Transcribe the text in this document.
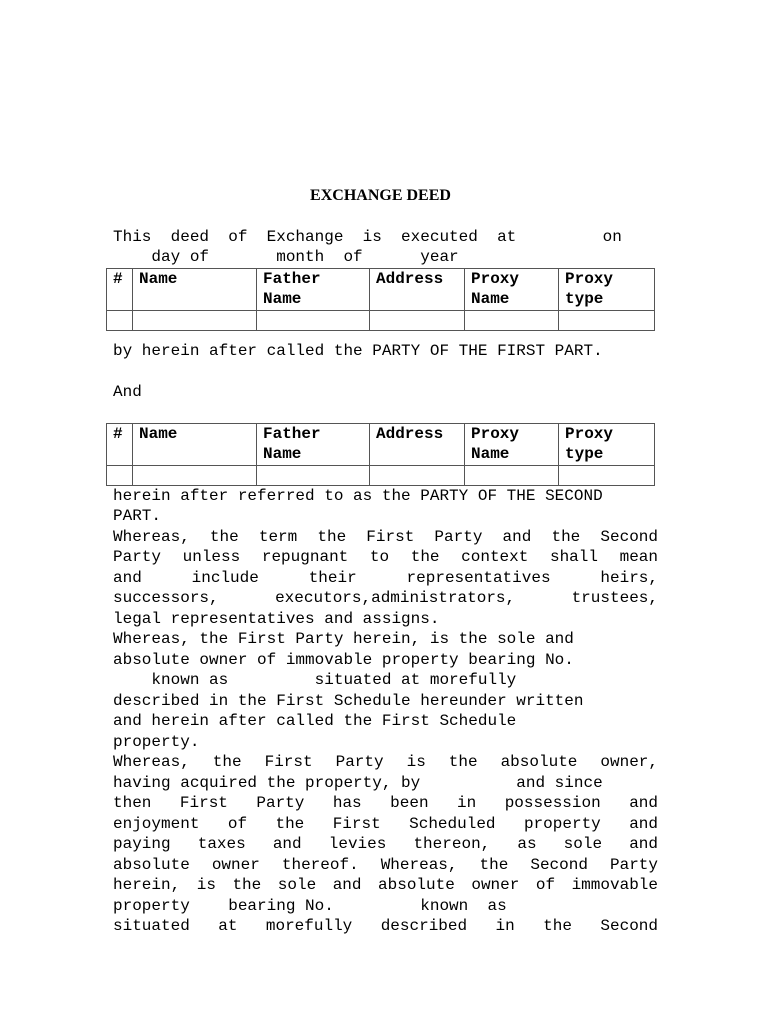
EXCHANGE DEED
This  deed  of  Exchange  is  executed  at         on
day of       month  of      year
#	Name	Father Name	Address	Proxy Name	Proxy type

by herein after called the PARTY OF THE FIRST PART.
And
#	Name	Father Name	Address	Proxy Name	Proxy type

herein after referred to as the PARTY OF THE SECOND
PART.
Whereas, the term the First Party and the Second
Party unless repugnant to the context shall mean
and include their representatives heirs,
successors, executors,administrators, trustees,
legal representatives and assigns.
Whereas, the First Party herein, is the sole and
absolute owner of immovable property bearing No.
known as         situated at morefully
described in the First Schedule hereunder written
and herein after called the First Schedule
property.
Whereas, the First Party is the absolute owner,
having acquired the property, by          and since
then First Party has been in possession and
enjoyment of the First Scheduled property and
paying taxes and levies thereon, as sole and
absolute owner thereof. Whereas, the Second Party
herein, is the sole and absolute owner of immovable
property    bearing No.         known  as
situated at morefully described in the Second
